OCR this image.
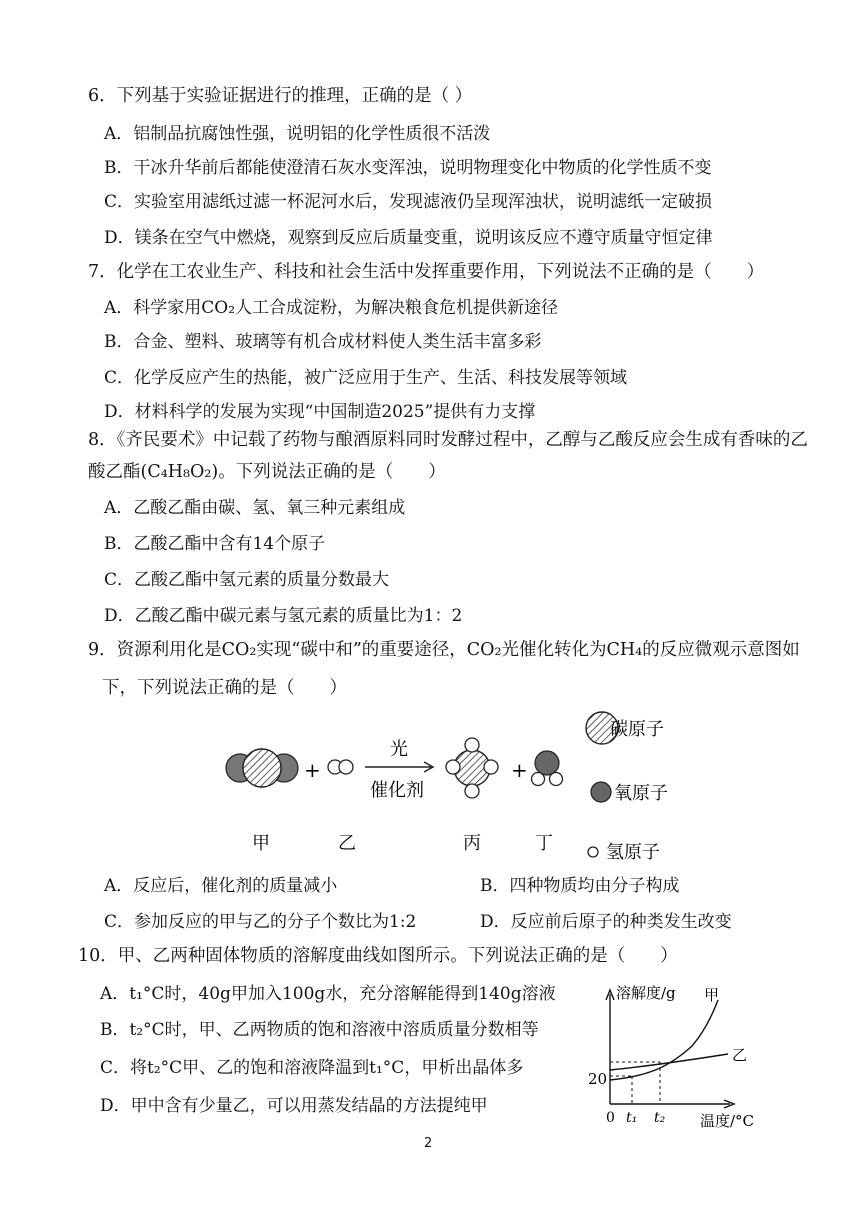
6．下列基于实验证据进行的推理，正确的是（ ）
A．铝制品抗腐蚀性强，说明铝的化学性质很不活泼
B．干冰升华前后都能使澄清石灰水变浑浊，说明物理变化中物质的化学性质不变
C．实验室用滤纸过滤一杯泥河水后，发现滤液仍呈现浑浊状，说明滤纸一定破损
D．镁条在空气中燃烧，观察到反应后质量变重，说明该反应不遵守质量守恒定律
7．化学在工农业生产、科技和社会生活中发挥重要作用，下列说法不正确的是（　　）
A．科学家用CO₂人工合成淀粉，为解决粮食危机提供新途径
B．合金、塑料、玻璃等有机合成材料使人类生活丰富多彩
C．化学反应产生的热能，被广泛应用于生产、生活、科技发展等领域
D．材料科学的发展为实现“中国制造2025”提供有力支撑
8．《齐民要术》中记载了药物与酿酒原料同时发酵过程中，乙醇与乙酸反应会生成有香味的乙
酸乙酯(C₄H₈O₂)。下列说法正确的是（　　）
A．乙酸乙酯由碳、氢、氧三种元素组成
B．乙酸乙酯中含有14个原子
C．乙酸乙酯中氢元素的质量分数最大
D．乙酸乙酯中碳元素与氢元素的质量比为1：2
9．资源利用化是CO₂实现“碳中和”的重要途径，CO₂光催化转化为CH₄的反应微观示意图如
下，下列说法正确的是（　　）
+
光
催化剂
+
碳原子
氧原子
氢原子
甲	乙	丙	丁
A．反应后，催化剂的质量减小	B．四种物质均由分子构成
C．参加反应的甲与乙的分子个数比为1:2	D．反应前后原子的种类发生改变
10．甲、乙两种固体物质的溶解度曲线如图所示。下列说法正确的是（　　）
A．t₁°C时，40g甲加入100g水，充分溶解能得到140g溶液
B．t₂°C时，甲、乙两物质的饱和溶液中溶质质量分数相等
C．将t₂°C甲、乙的饱和溶液降温到t₁°C，甲析出晶体多
D．甲中含有少量乙，可以用蒸发结晶的方法提纯甲
溶解度/g 甲
乙
20
0 t₁ t₂ 温度/°C
2
